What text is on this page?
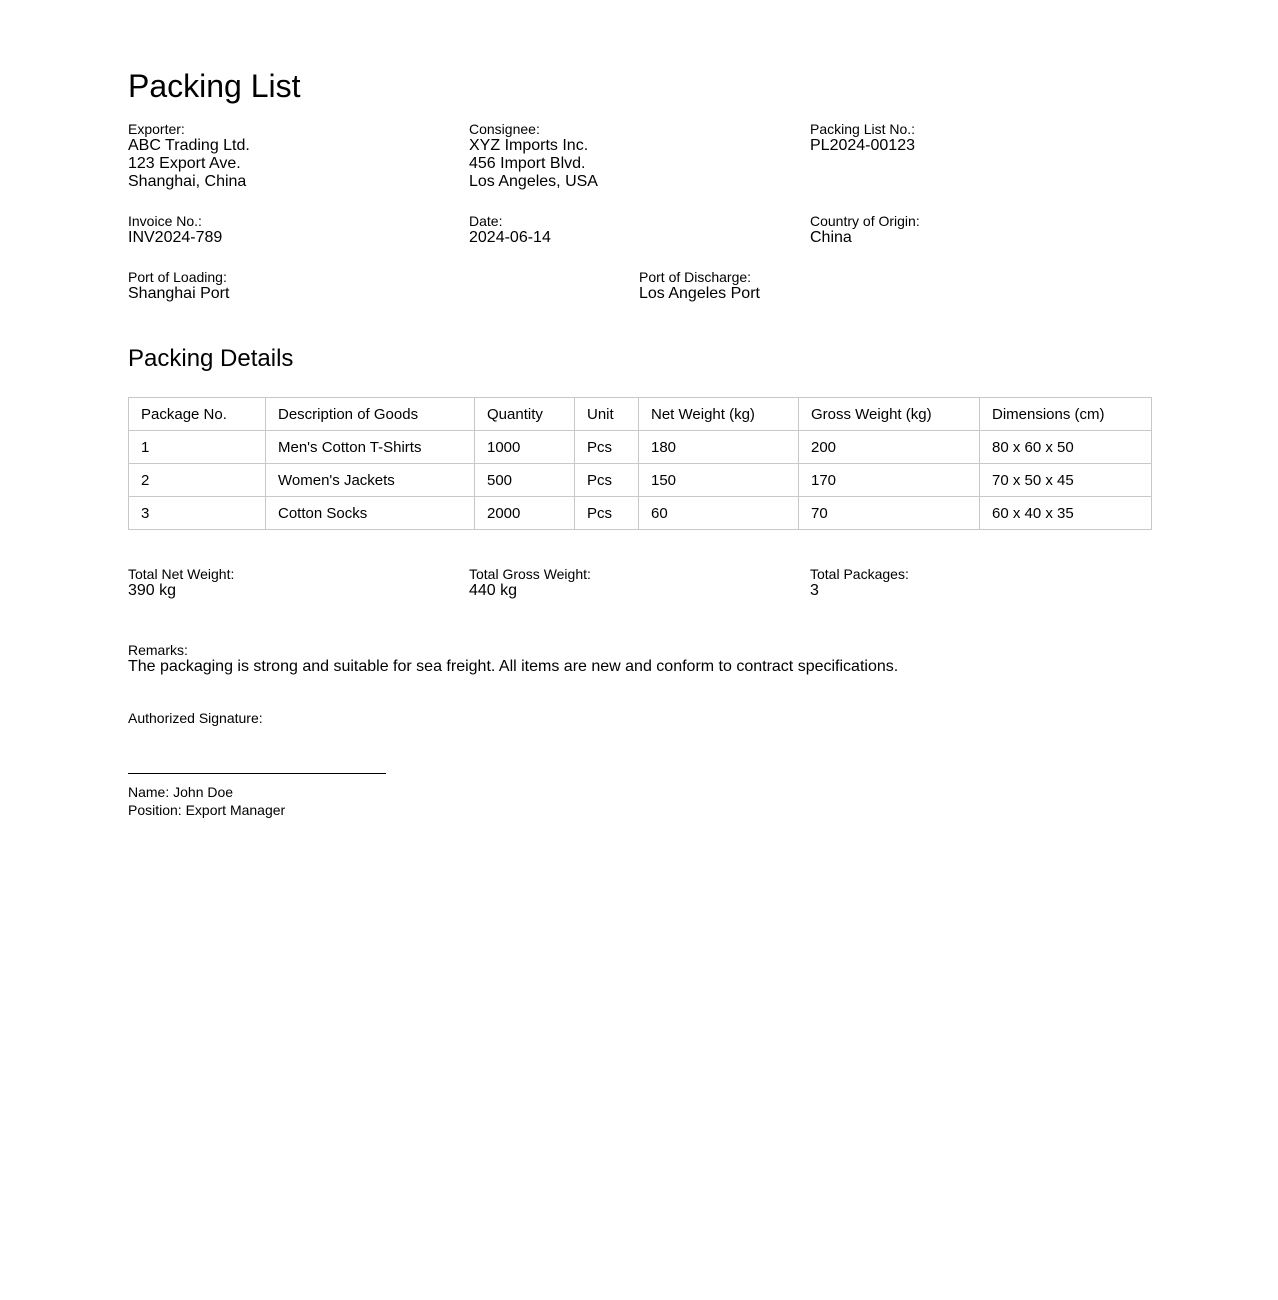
Packing List
Exporter:
ABC Trading Ltd.
123 Export Ave.
Shanghai, China
Consignee:
XYZ Imports Inc.
456 Import Blvd.
Los Angeles, USA
Packing List No.:
PL2024-00123
Invoice No.:
INV2024-789
Date:
2024-06-14
Country of Origin:
China
Port of Loading:
Shanghai Port
Port of Discharge:
Los Angeles Port
Packing Details
Package No.	Description of Goods	Quantity	Unit	Net Weight (kg)	Gross Weight (kg)	Dimensions (cm)
1	Men's Cotton T-Shirts	1000	Pcs	180	200	80 x 60 x 50
2	Women's Jackets	500	Pcs	150	170	70 x 50 x 45
3	Cotton Socks	2000	Pcs	60	70	60 x 40 x 35
Total Net Weight:
390 kg
Total Gross Weight:
440 kg
Total Packages:
3
Remarks:
The packaging is strong and suitable for sea freight. All items are new and conform to contract specifications.
Authorized Signature:
Name: John Doe
Position: Export Manager
